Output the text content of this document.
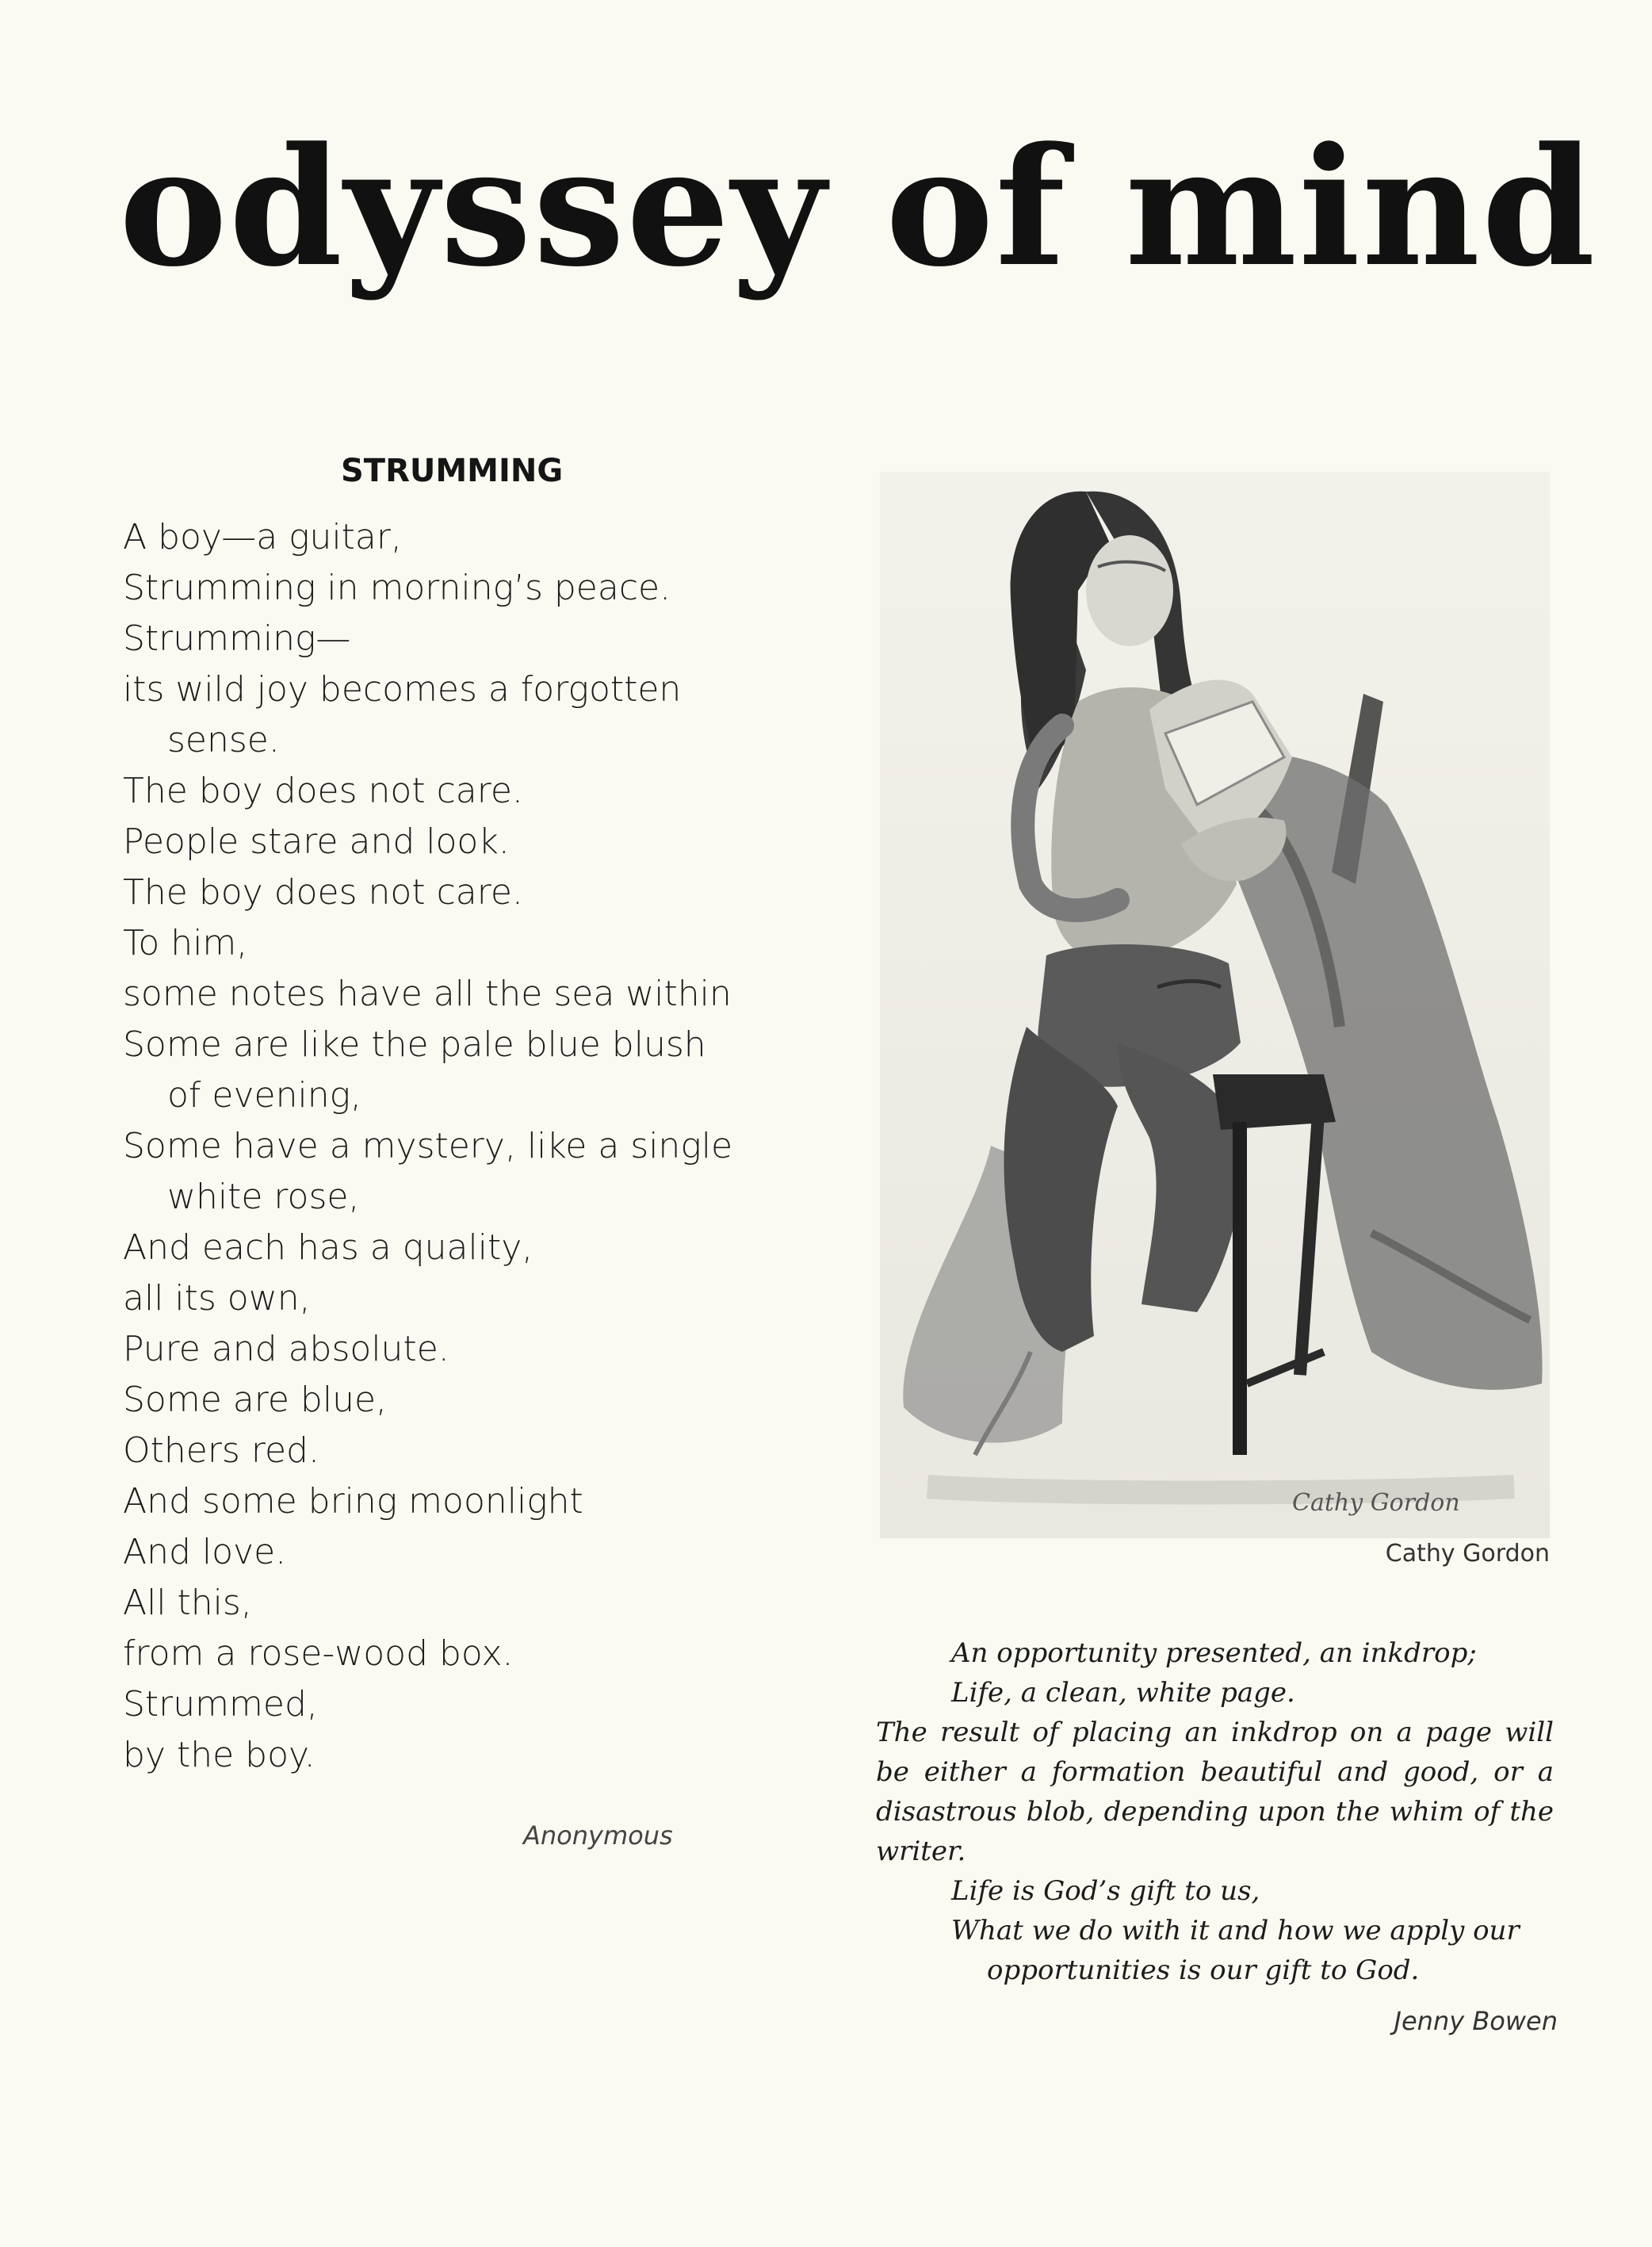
odyssey of mind
STRUMMING
A boy—a guitar,
Strumming in morning’s peace.
Strumming—
its wild joy becomes a forgotten
sense.
The boy does not care.
People stare and look.
The boy does not care.
To him,
some notes have all the sea within
Some are like the pale blue blush
of evening,
Some have a mystery, like a single
white rose,
And each has a quality,
all its own,
Pure and absolute.
Some are blue,
Others red.
And some bring moonlight
And love.
All this,
from a rose-wood box.
Strummed,
by the boy.
Anonymous
Cathy Gordon
Cathy Gordon

An opportunity presented, an inkdrop;

Life, a clean, white page.

The result of placing an inkdrop on a page will be either a formation beautiful and good, or a disastrous blob, depending upon the whim of the writer.

Life is God’s gift to us,

What we do with it and how we apply our

opportunities is our gift to God.

Jenny Bowen
